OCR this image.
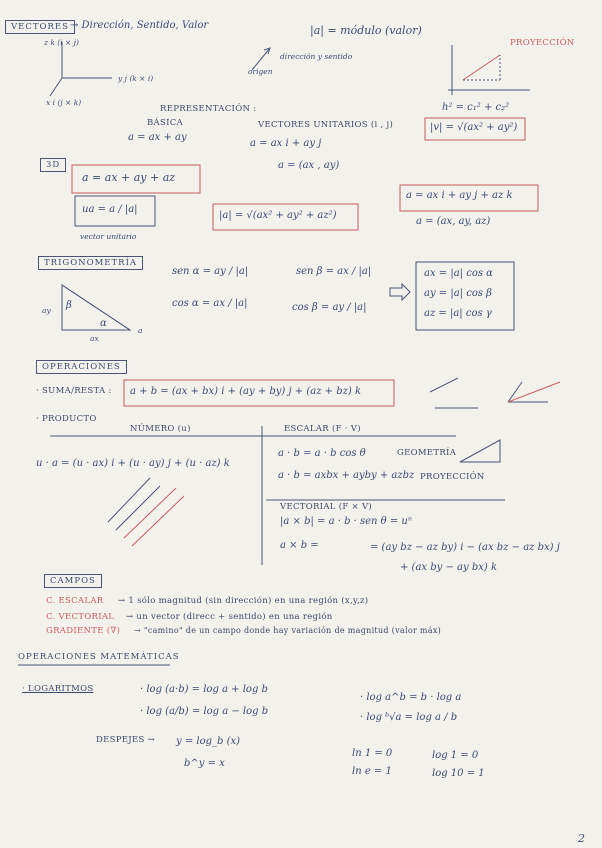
VECTORES → Dirección, Sentido, Valor	|a| = módulo (valor)
PROYECCIÓN
dirección y sentido
origen
z k (i × j)
y j (k × i)
x i (j × k)
REPRESENTACIÓN :
BÁSICA
a = ax + ay
VECTORES UNITARIOS (i , j)
a = ax i + ay j
a = (ax , ay)
h² = c₁² + c₂²
|v| = √(ax² + ay²)
3D
a = ax + ay + az
ua = a / |a|
vector unitario
|a| = √(ax² + ay² + az²)
a = ax i + ay j + az k
a = (ax, ay, az)
TRIGONOMETRÍA
β
α
ay
ax
a
sen α = ay / |a|
cos α = ax / |a|
sen β = ax / |a|
cos β = ay / |a|
ax = |a| cos α
ay = |a| cos β
az = |a| cos γ
OPERACIONES
· SUMA/RESTA : a + b = (ax + bx) i + (ay + by) j + (az + bz) k
· PRODUCTO
NÚMERO (u)
u · a = (u · ax) i + (u · ay) j + (u · az) k
ESCALAR (F · V)
a · b = a · b cos θ	GEOMETRÍA
a · b = axbx + ayby + azbz PROYECCIÓN
VECTORIAL (F × V)
|a × b| = a · b · sen θ = uⁿ
a × b =	= (ay bz − az by) i − (ax bz − az bx) j
+ (ax by − ay bx) k
CAMPOS
C. ESCALAR → 1 sólo magnitud (sin dirección) en una región (x,y,z)
C. VECTORIAL → un vector (direcc + sentido) en una región
GRADIENTE (∇) → "camino" de un campo donde hay variación de magnitud (valor máx)
OPERACIONES MATEMÁTICAS
· LOGARITMOS	· log (a·b) = log a + log b
· log (a/b) = log a − log b
· log a^b = b · log a
· log ᵇ√a = log a / b
DESPEJES → y = log_b (x)
b^y = x
ln 1 = 0
ln e = 1
log 1 = 0
log 10 = 1
2
